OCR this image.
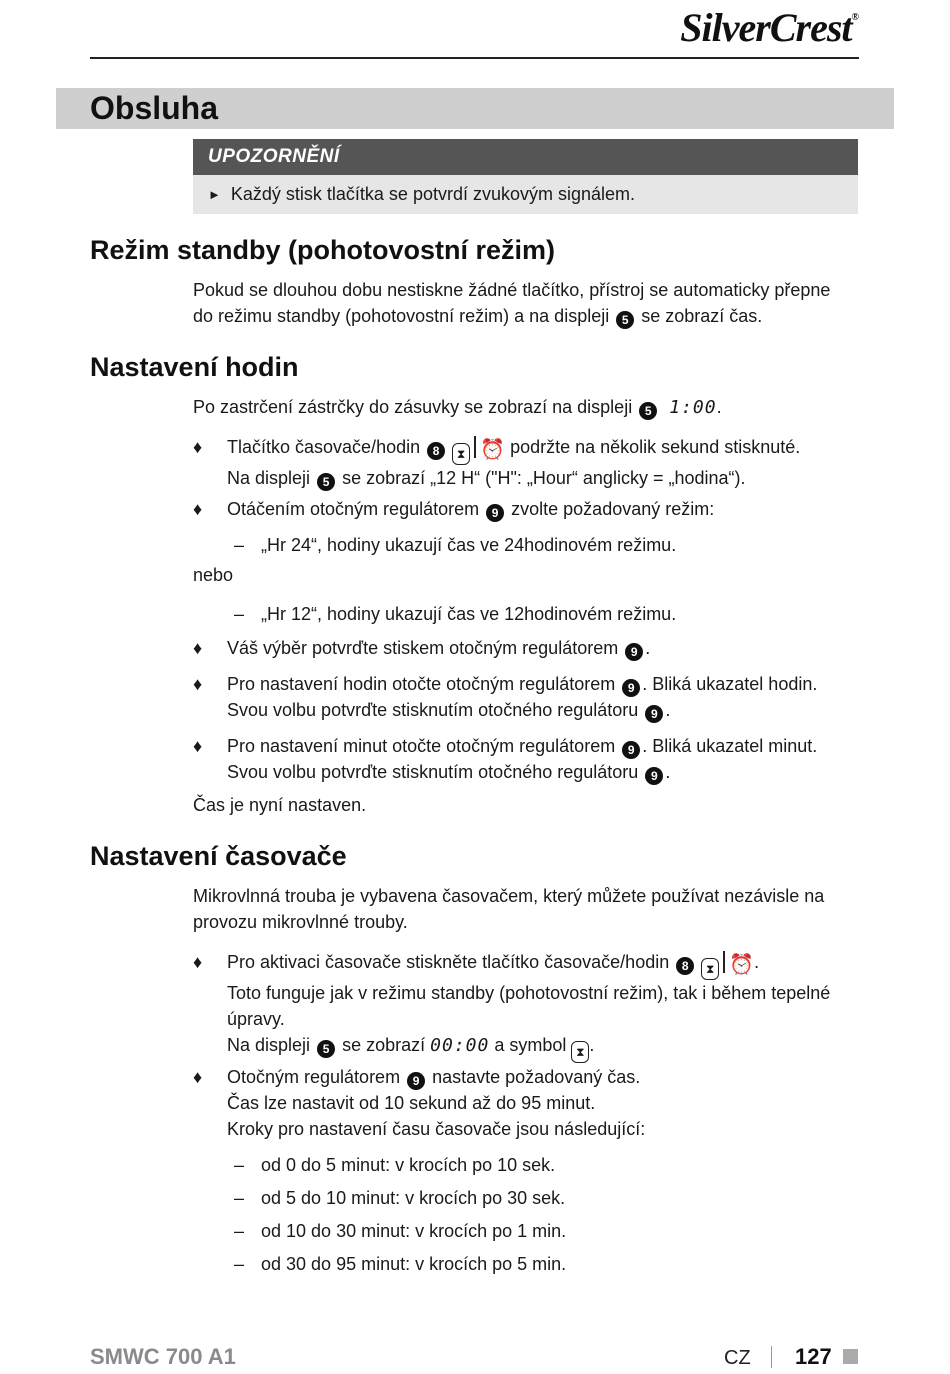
SilverCrest®
Obsluha
UPOZORNĚNÍ
► Každý stisk tlačítka se potvrdí zvukovým signálem.
Režim standby (pohotovostní režim)
Pokud se dlouhou dobu nestiskne žádné tlačítko, přístroj se automaticky přepne
do režimu standby (pohotovostní režim) a na displeji 5 se zobrazí čas.
Nastavení hodin
Po zastrčení zástrčky do zásuvky se zobrazí na displeji 5 1:00.
♦ Tlačítko časovače/hodin 8 ⧗ ⏰ podržte na několik sekund stisknuté.
Na displeji 5 se zobrazí „12 H“ ("H": „Hour“ anglicky = „hodina“).
♦ Otáčením otočným regulátorem 9 zvolte požadovaný režim:
– „Hr 24“, hodiny ukazují čas ve 24hodinovém režimu.
nebo
– „Hr 12“, hodiny ukazují čas ve 12hodinovém režimu.
♦ Váš výběr potvrďte stiskem otočným regulátorem 9 .
♦ Pro nastavení hodin otočte otočným regulátorem 9 . Bliká ukazatel hodin.
Svou volbu potvrďte stisknutím otočného regulátoru 9 .
♦ Pro nastavení minut otočte otočným regulátorem 9 . Bliká ukazatel minut.
Svou volbu potvrďte stisknutím otočného regulátoru 9 .
Čas je nyní nastaven.
Nastavení časovače
Mikrovlnná trouba je vybavena časovačem, který můžete používat nezávisle na
provozu mikrovlnné trouby.
♦ Pro aktivaci časovače stiskněte tlačítko časovače/hodin 8 ⧗ ⏰.
Toto funguje jak v režimu standby (pohotovostní režim), tak i během tepelné
úpravy.
Na displeji 5 se zobrazí 00:00 a symbol ⧗ .
♦ Otočným regulátorem 9 nastavte požadovaný čas.
Čas lze nastavit od 10 sekund až do 95 minut.
Kroky pro nastavení času časovače jsou následující:
– od 0 do 5 minut: v krocích po 10 sek.
– od 5 do 10 minut: v krocích po 30 sek.
– od 10 do 30 minut: v krocích po 1 min.
– od 30 do 95 minut: v krocích po 5 min.
SMWC 700 A1	CZ 127
